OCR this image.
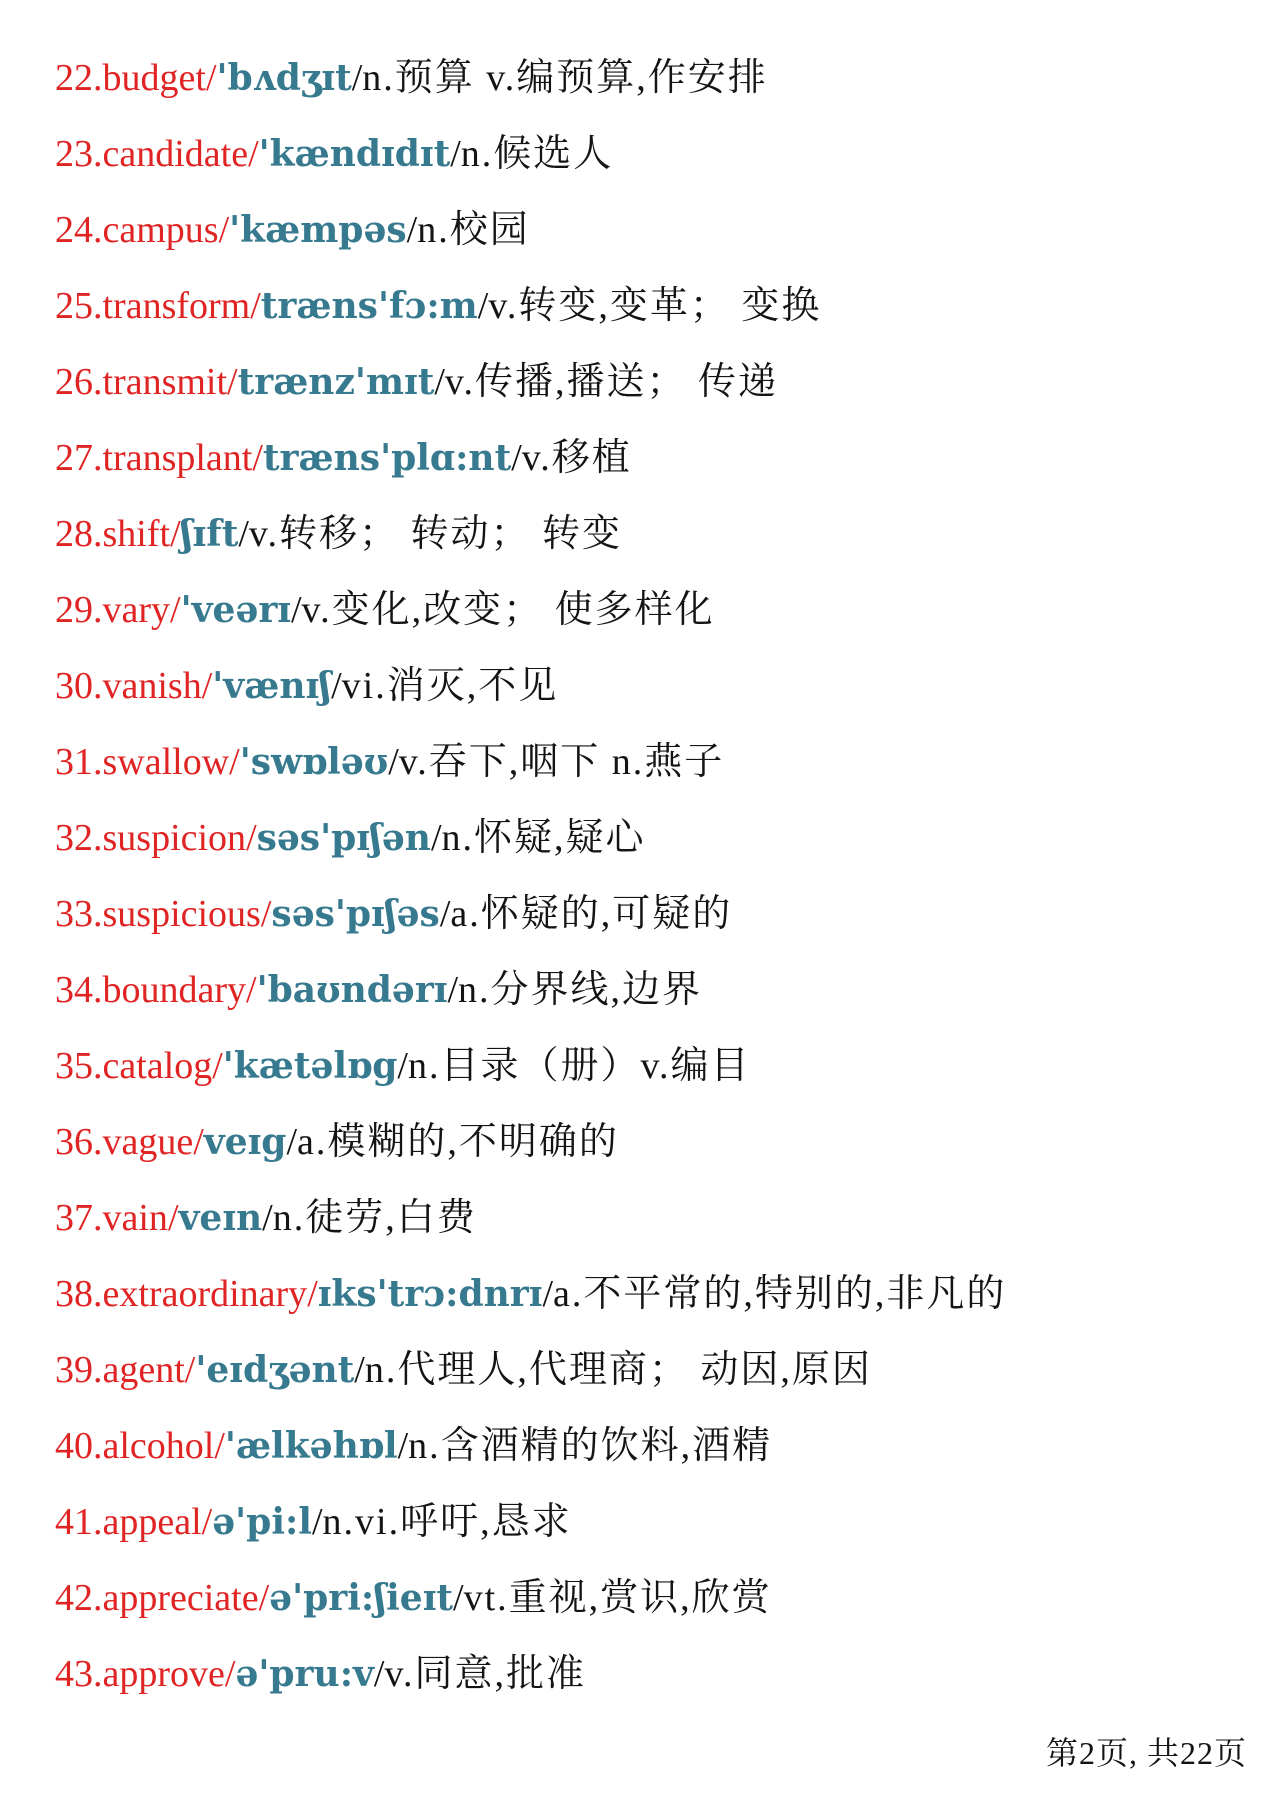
22.budget/'bʌdʒɪt/n.预算 v.编预算,作安排
23.candidate/'kændɪdɪt/n.候选人
24.campus/'kæmpəs/n.校园
25.transform/træns'fɔ:m/v.转变,变革； 变换
26.transmit/trænz'mɪt/v.传播,播送； 传递
27.transplant/træns'plɑ:nt/v.移植
28.shift/ʃɪft/v.转移； 转动； 转变
29.vary/'veərɪ/v.变化,改变； 使多样化
30.vanish/'vænɪʃ/vi.消灭,不见
31.swallow/'swɒləʊ/v.吞下,咽下 n.燕子
32.suspicion/səs'pɪʃən/n.怀疑,疑心
33.suspicious/səs'pɪʃəs/a.怀疑的,可疑的
34.boundary/'baʊndərɪ/n.分界线,边界
35.catalog/'kætəlɒg/n.目录（册）v.编目
36.vague/veɪg/a.模糊的,不明确的
37.vain/veɪn/n.徒劳,白费
38.extraordinary/ɪks'trɔ:dnrɪ/a.不平常的,特别的,非凡的
39.agent/'eɪdʒənt/n.代理人,代理商； 动因,原因
40.alcohol/'ælkəhɒl/n.含酒精的饮料,酒精
41.appeal/ə'pi:l/n.vi.呼吁,恳求
42.appreciate/ə'pri:ʃieɪt/vt.重视,赏识,欣赏
43.approve/ə'pru:v/v.同意,批准
第2页, 共22页
